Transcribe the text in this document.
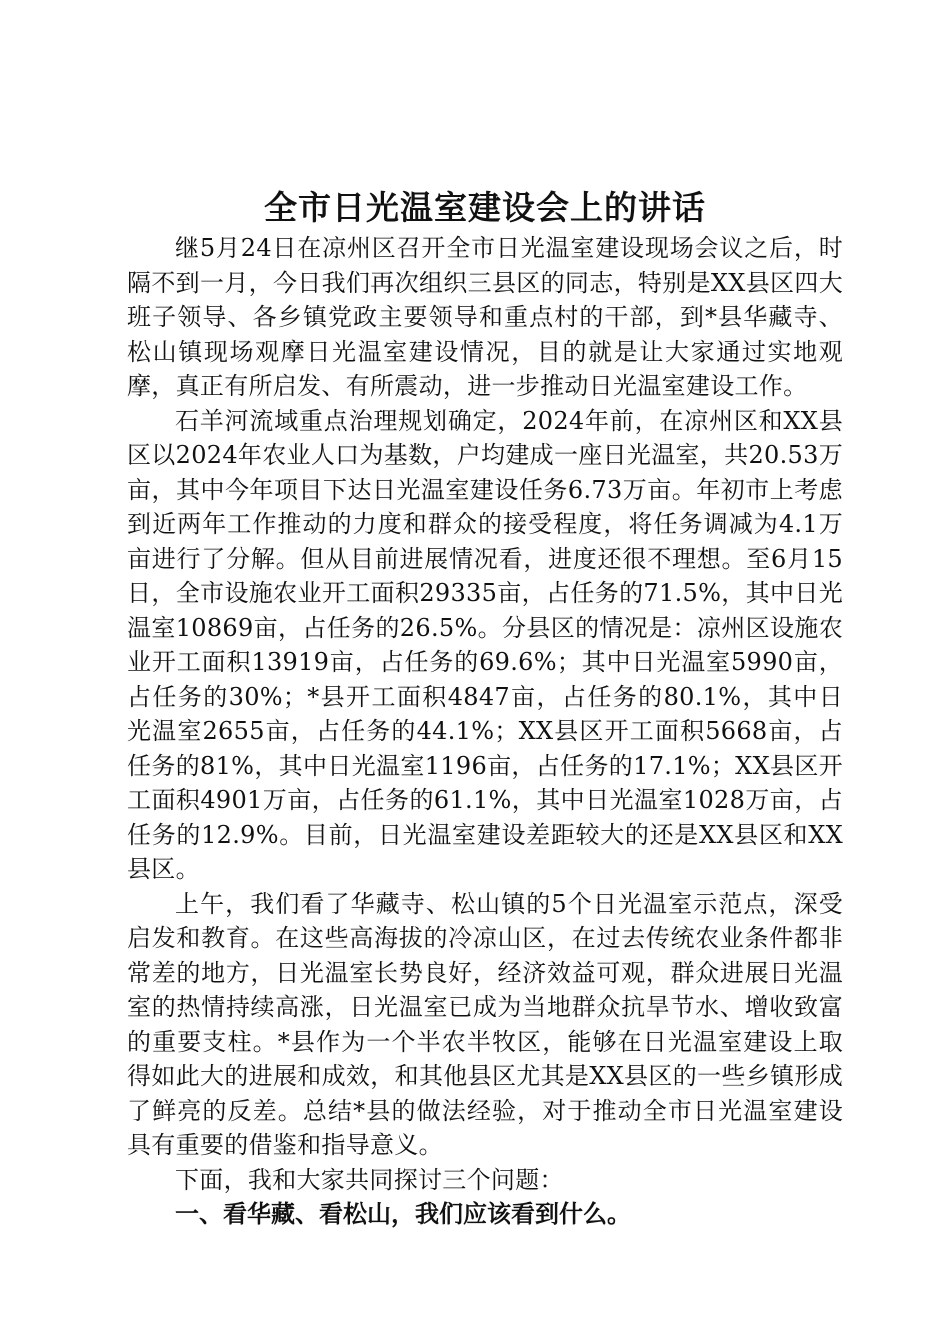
全市日光温室建设会上的讲话

继5月24日在凉州区召开全市日光温室建设现场会议之后，时隔不到一月，今日我们再次组织三县区的同志，特别是XX县区四大班子领导、各乡镇党政主要领导和重点村的干部，到*县华藏寺、松山镇现场观摩日光温室建设情况，目的就是让大家通过实地观摩，真正有所启发、有所震动，进一步推动日光温室建设工作。

石羊河流域重点治理规划确定，2024年前，在凉州区和XX县区以2024年农业人口为基数，户均建成一座日光温室，共20.53万亩，其中今年项目下达日光温室建设任务6.73万亩。年初市上考虑到近两年工作推动的力度和群众的接受程度，将任务调减为4.1万亩进行了分解。但从目前进展情况看，进度还很不理想。至6月15日，全市设施农业开工面积29335亩，占任务的71.5%，其中日光温室10869亩，占任务的26.5%。分县区的情况是：凉州区设施农业开工面积13919亩，占任务的69.6%；其中日光温室5990亩，占任务的30%；*县开工面积4847亩，占任务的80.1%，其中日光温室2655亩，占任务的44.1%；XX县区开工面积5668亩，占任务的81%，其中日光温室1196亩，占任务的17.1%；XX县区开工面积4901万亩，占任务的61.1%，其中日光温室1028万亩，占任务的12.9%。目前，日光温室建设差距较大的还是XX县区和XX县区。

上午，我们看了华藏寺、松山镇的5个日光温室示范点，深受启发和教育。在这些高海拔的冷凉山区，在过去传统农业条件都非常差的地方，日光温室长势良好，经济效益可观，群众进展日光温室的热情持续高涨，日光温室已成为当地群众抗旱节水、增收致富的重要支柱。*县作为一个半农半牧区，能够在日光温室建设上取得如此大的进展和成效，和其他县区尤其是XX县区的一些乡镇形成了鲜亮的反差。总结*县的做法经验，对于推动全市日光温室建设具有重要的借鉴和指导意义。

下面，我和大家共同探讨三个问题：

一、看华藏、看松山，我们应该看到什么。
